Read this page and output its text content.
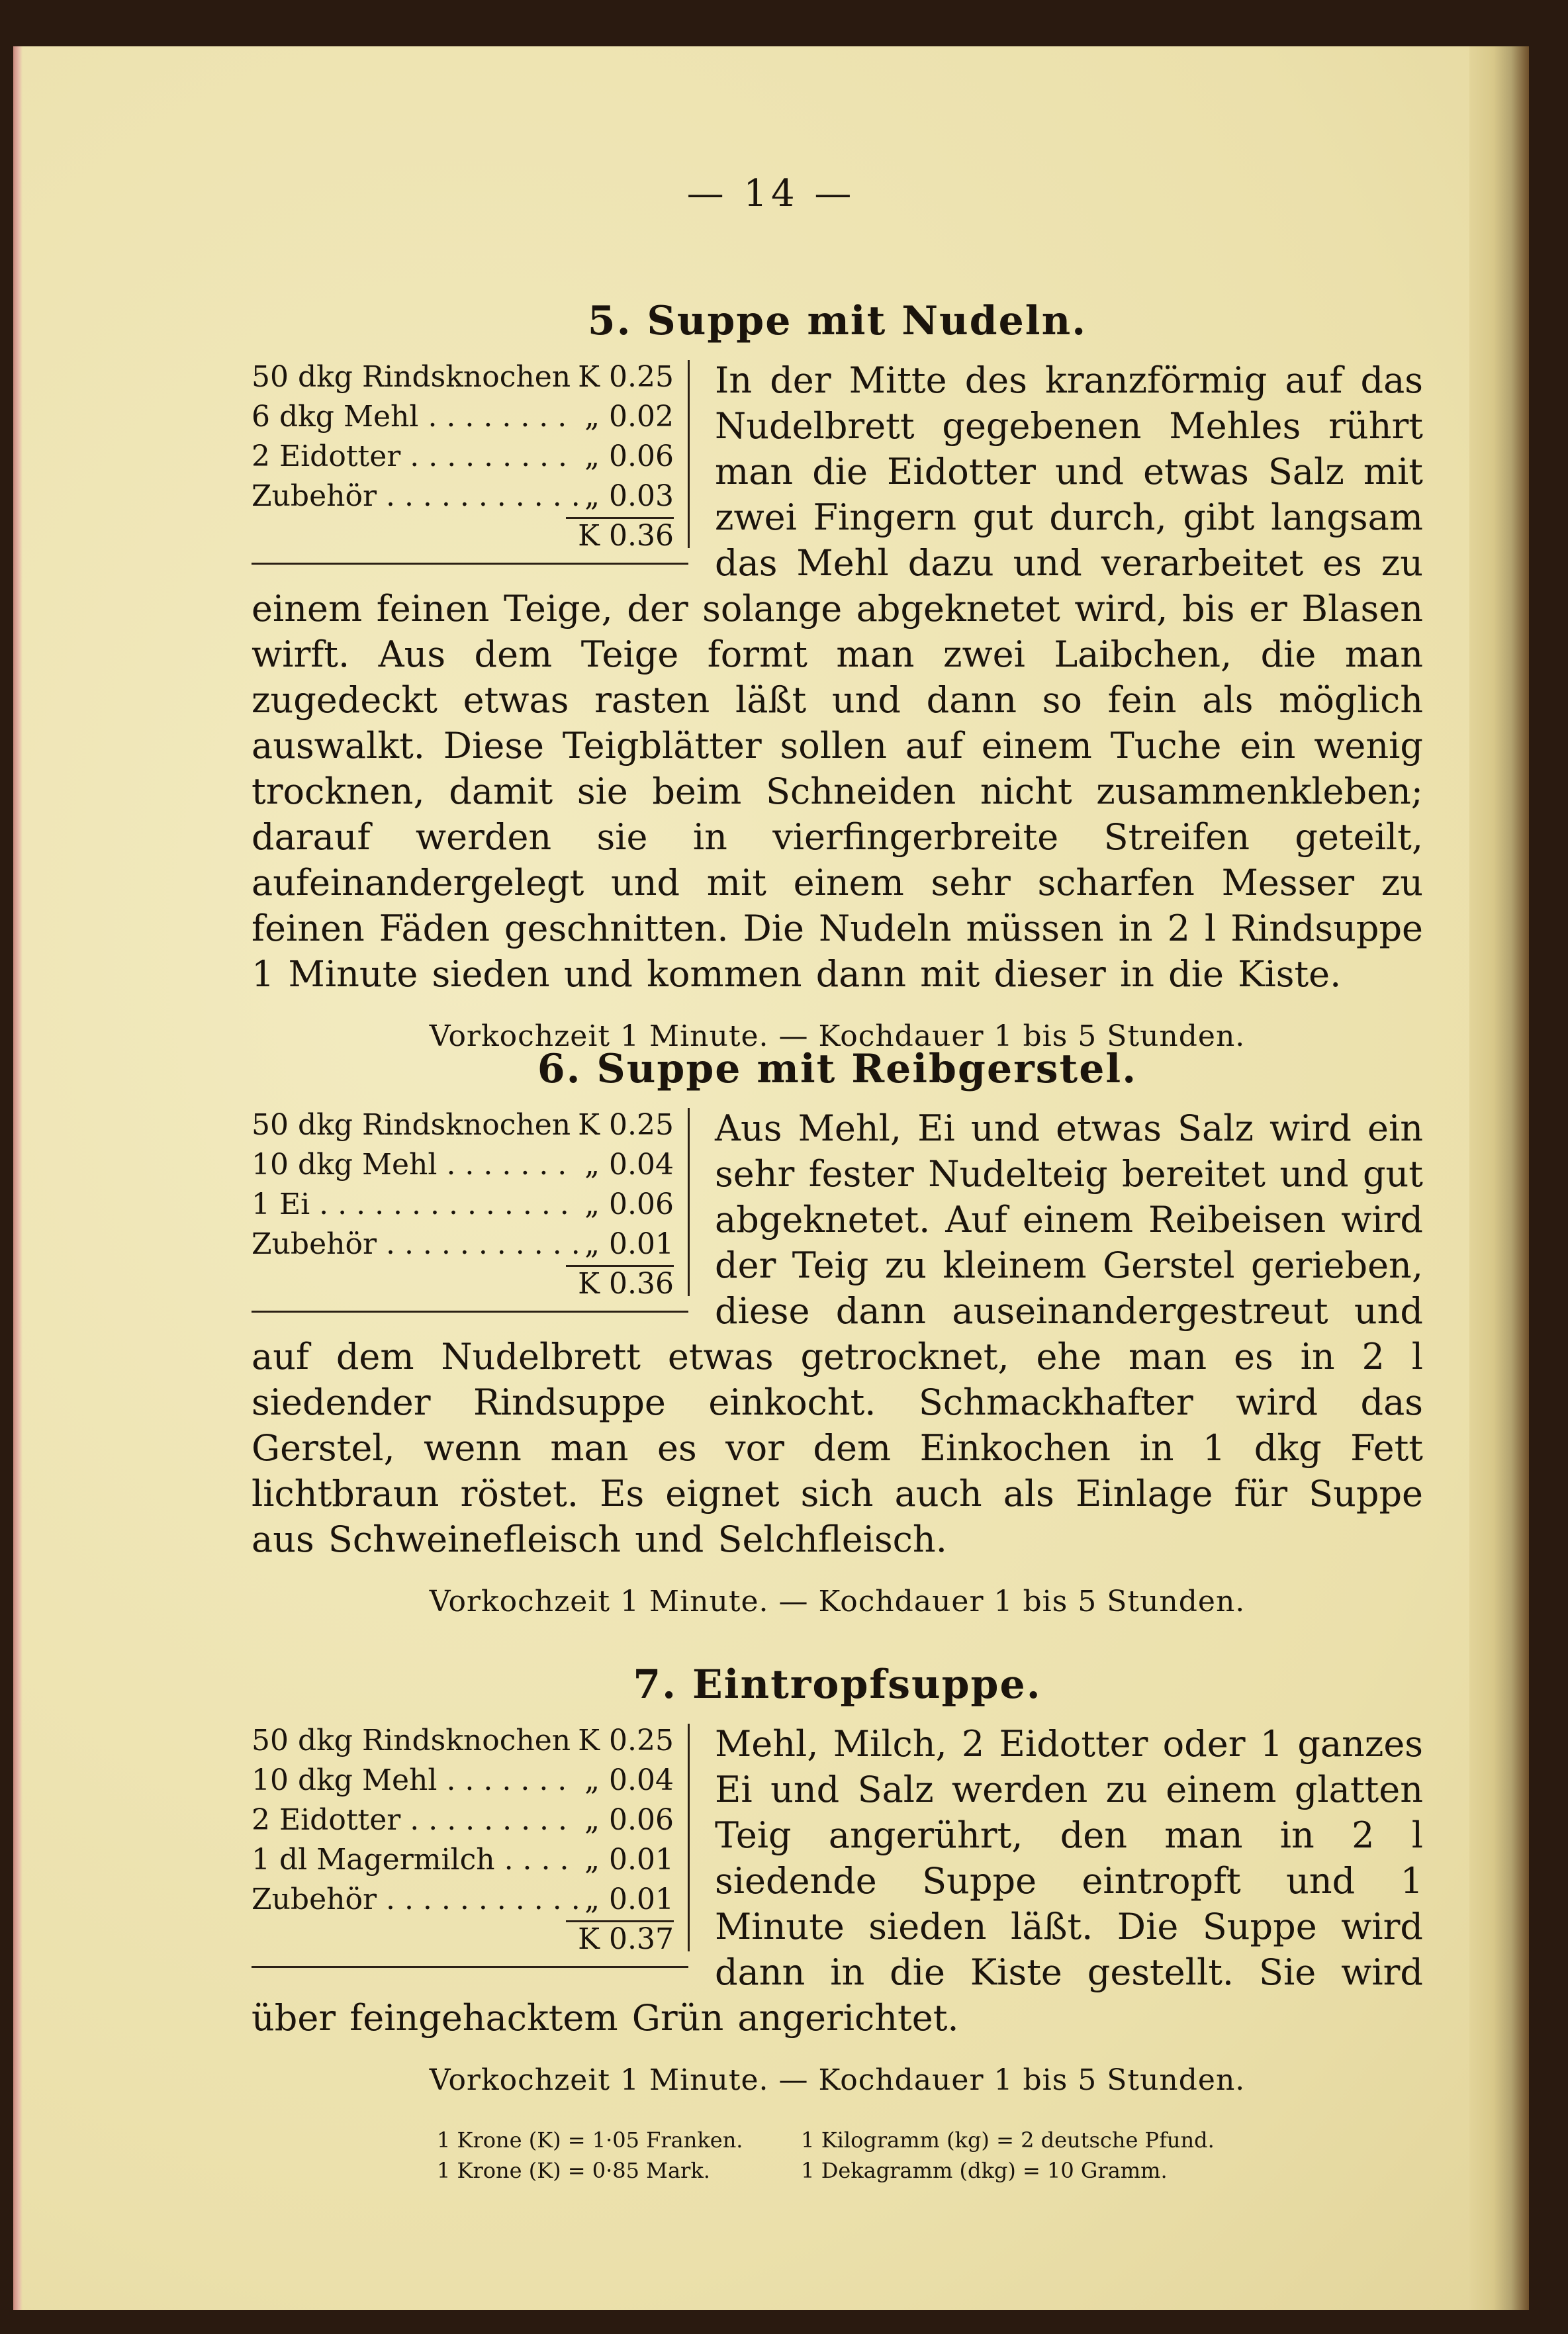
— 14 —
5. Suppe mit Nudeln.
50 dkg Rindsknochen . . . K 0.25
6 dkg Mehl . . .	„ 0.02
2 Eidotter . . .	„ 0.06
Zubehör . . .	„ 0.03
K 0.36
In der Mitte des kranzförmig auf das Nudelbrett gegebenen Mehles rührt man die Eidotter und etwas Salz mit zwei Fingern gut durch, gibt langsam das Mehl dazu und verarbeitet es zu einem feinen Teige, der solange abgeknetet wird, bis er Blasen wirft. Aus dem Teige formt man zwei Laibchen, die man zugedeckt etwas rasten läßt und dann so fein als möglich auswalkt. Diese Teigblätter sollen auf einem Tuche ein wenig trocknen, damit sie beim Schneiden nicht zusammenkleben; darauf werden sie in vierfingerbreite Streifen geteilt, aufeinandergelegt und mit einem sehr scharfen Messer zu feinen Fäden geschnitten. Die Nudeln müssen in 2 l Rindsuppe 1 Minute sieden und kommen dann mit dieser in die Kiste.
Vorkochzeit 1 Minute. — Kochdauer 1 bis 5 Stunden.
6. Suppe mit Reibgerstel.
50 dkg Rindsknochen . . . K 0.25
10 dkg Mehl . . .	„ 0.04
1 Ei . . .	„ 0.06
Zubehör . . .	„ 0.01
K 0.36
Aus Mehl, Ei und etwas Salz wird ein sehr fester Nudelteig bereitet und gut abgeknetet. Auf einem Reibeisen wird der Teig zu kleinem Gerstel gerieben, diese dann auseinandergestreut und auf dem Nudelbrett etwas getrocknet, ehe man es in 2 l siedender Rindsuppe einkocht. Schmackhafter wird das Gerstel, wenn man es vor dem Einkochen in 1 dkg Fett lichtbraun röstet. Es eignet sich auch als Einlage für Suppe aus Schweinefleisch und Selchfleisch.
Vorkochzeit 1 Minute. — Kochdauer 1 bis 5 Stunden.
7. Eintropfsuppe.
50 dkg Rindsknochen . . . K 0.25
10 dkg Mehl . . .	„ 0.04
2 Eidotter . . .	„ 0.06
1 dl Magermilch . . .	„ 0.01
Zubehör . . .	„ 0.01
K 0.37
Mehl, Milch, 2 Eidotter oder 1 ganzes Ei und Salz werden zu einem glatten Teig angerührt, den man in 2 l siedende Suppe eintropft und 1 Minute sieden läßt. Die Suppe wird dann in die Kiste gestellt. Sie wird über feingehacktem Grün angerichtet.
Vorkochzeit 1 Minute. — Kochdauer 1 bis 5 Stunden.
1 Krone (K) = 1·05 Franken.
1 Krone (K) = 0·85 Mark.

1 Kilogramm (kg) = 2 deutsche Pfund.
1 Dekagramm (dkg) = 10 Gramm.
